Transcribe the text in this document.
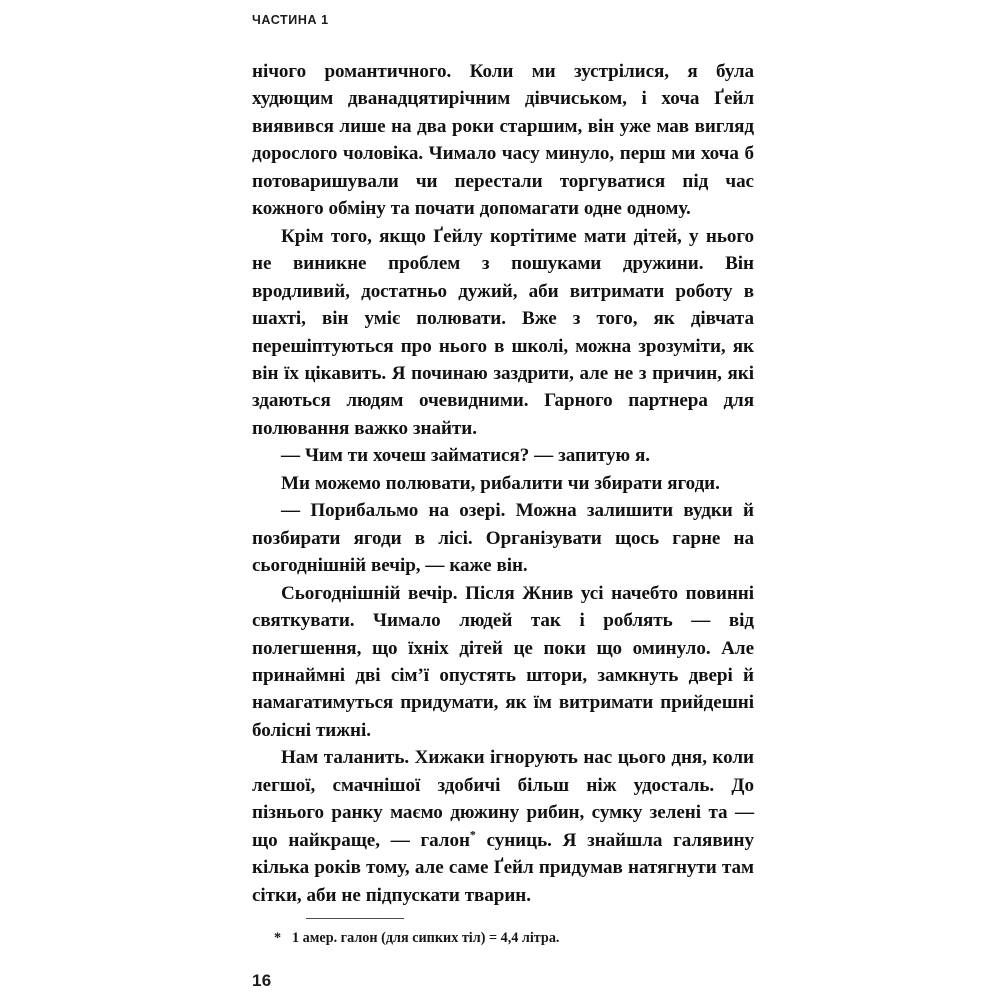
ЧАСТИНА 1

нічого романтичного. Коли ми зустрілися, я була худющим дванадцятирічним дівчиськом, і хоча Ґейл виявився лише на два роки старшим, він уже мав вигляд дорослого чоловіка. Чимало часу минуло, перш ми хоча б потоваришували чи перестали торгуватися під час кожного обміну та почати допомагати одне одному.

Крім того, якщо Ґейлу кортітиме мати дітей, у нього не виникне проблем з пошуками дружини. Він вродливий, достатньо дужий, аби витримати роботу в шахті, він уміє полювати. Вже з того, як дівчата перешіптуються про нього в школі, можна зрозуміти, як він їх цікавить. Я починаю заздрити, але не з причин, які здаються людям очевидними. Гарного партнера для полювання важко знайти.

— Чим ти хочеш займатися? — запитую я.

Ми можемо полювати, рибалити чи збирати ягоди.

— Порибальмо на озері. Можна залишити вудки й позбирати ягоди в лісі. Організувати щось гарне на сьогоднішній вечір, — каже він.

Сьогоднішній вечір. Після Жнив усі начебто повинні святкувати. Чимало людей так і роблять — від полегшення, що їхніх дітей це поки що оминуло. Але принаймні дві сім’ї опустять штори, замкнуть двері й намагатимуться придумати, як їм витримати прийдешні болісні тижні.

Нам таланить. Хижаки ігнорують нас цього дня, коли легшої, смачнішої здобичі більш ніж удосталь. До пізнього ранку маємо дюжину рибин, сумку зелені та — що найкраще, — галон* суниць. Я знайшла галявину кілька років тому, але саме Ґейл придумав натягнути там сітки, аби не підпускати тварин.

* 1 амер. галон (для сипких тіл) = 4,4 літра.
16
